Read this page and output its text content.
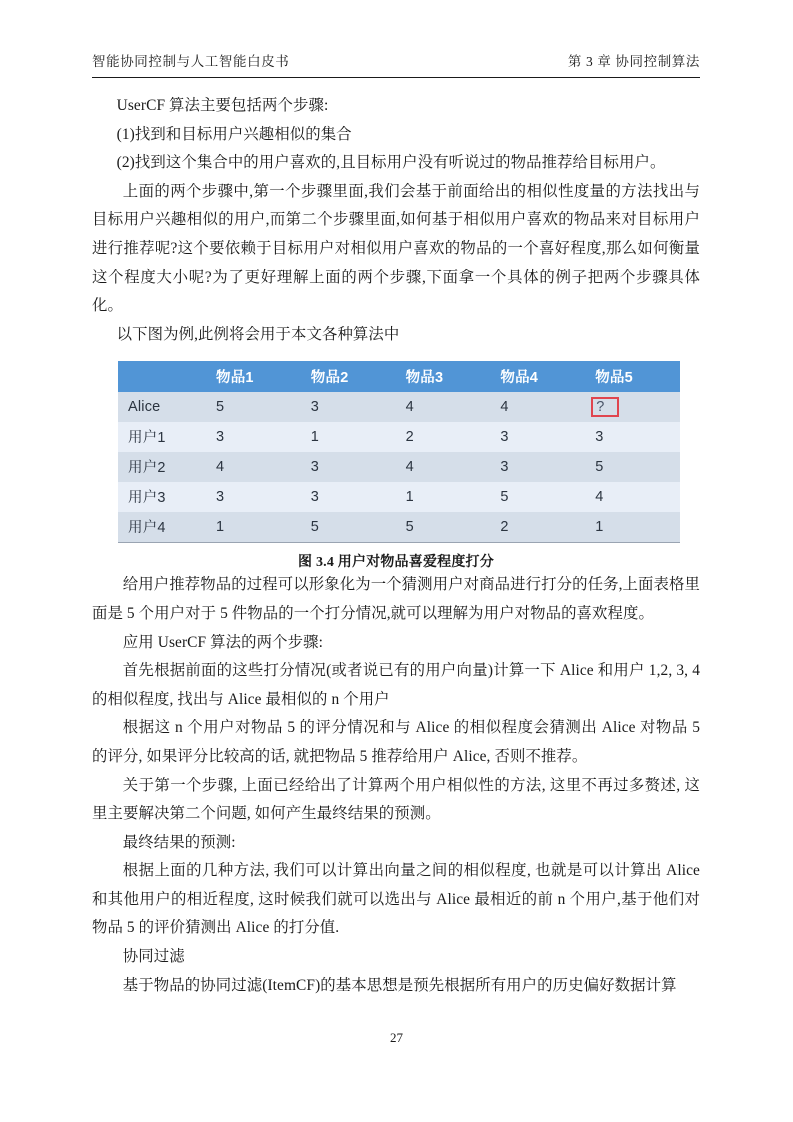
智能协同控制与人工智能白皮书	第 3 章 协同控制算法

UserCF 算法主要包括两个步骤:

(1)找到和目标用户兴趣相似的集合

(2)找到这个集合中的用户喜欢的,且目标用户没有听说过的物品推荐给目标用户。

上面的两个步骤中,第一个步骤里面,我们会基于前面给出的相似性度量的方法找出与目标用户兴趣相似的用户,而第二个步骤里面,如何基于相似用户喜欢的物品来对目标用户进行推荐呢?这个要依赖于目标用户对相似用户喜欢的物品的一个喜好程度,那么如何衡量这个程度大小呢?为了更好理解上面的两个步骤,下面拿一个具体的例子把两个步骤具体化。

以下图为例,此例将会用于本文各种算法中

	物品1	物品2	物品3	物品4	物品5
Alice	5	3	4	4	?
用户1	3	1	2	3	3
用户2	4	3	4	3	5
用户3	3	3	1	5	4
用户4	1	5	5	2	1
图 3.4 用户对物品喜爱程度打分

给用户推荐物品的过程可以形象化为一个猜测用户对商品进行打分的任务,上面表格里面是 5 个用户对于 5 件物品的一个打分情况,就可以理解为用户对物品的喜欢程度。

应用 UserCF 算法的两个步骤:

首先根据前面的这些打分情况(或者说已有的用户向量)计算一下 Alice 和用户 1,2, 3, 4 的相似程度, 找出与 Alice 最相似的 n 个用户

根据这 n 个用户对物品 5 的评分情况和与 Alice 的相似程度会猜测出 Alice 对物品 5 的评分, 如果评分比较高的话, 就把物品 5 推荐给用户 Alice, 否则不推荐。

关于第一个步骤, 上面已经给出了计算两个用户相似性的方法, 这里不再过多赘述, 这里主要解决第二个问题, 如何产生最终结果的预测。

最终结果的预测:

根据上面的几种方法, 我们可以计算出向量之间的相似程度, 也就是可以计算出 Alice 和其他用户的相近程度, 这时候我们就可以选出与 Alice 最相近的前 n 个用户,基于他们对物品 5 的评价猜测出 Alice 的打分值.

协同过滤

基于物品的协同过滤(ItemCF)的基本思想是预先根据所有用户的历史偏好数据计算

27
